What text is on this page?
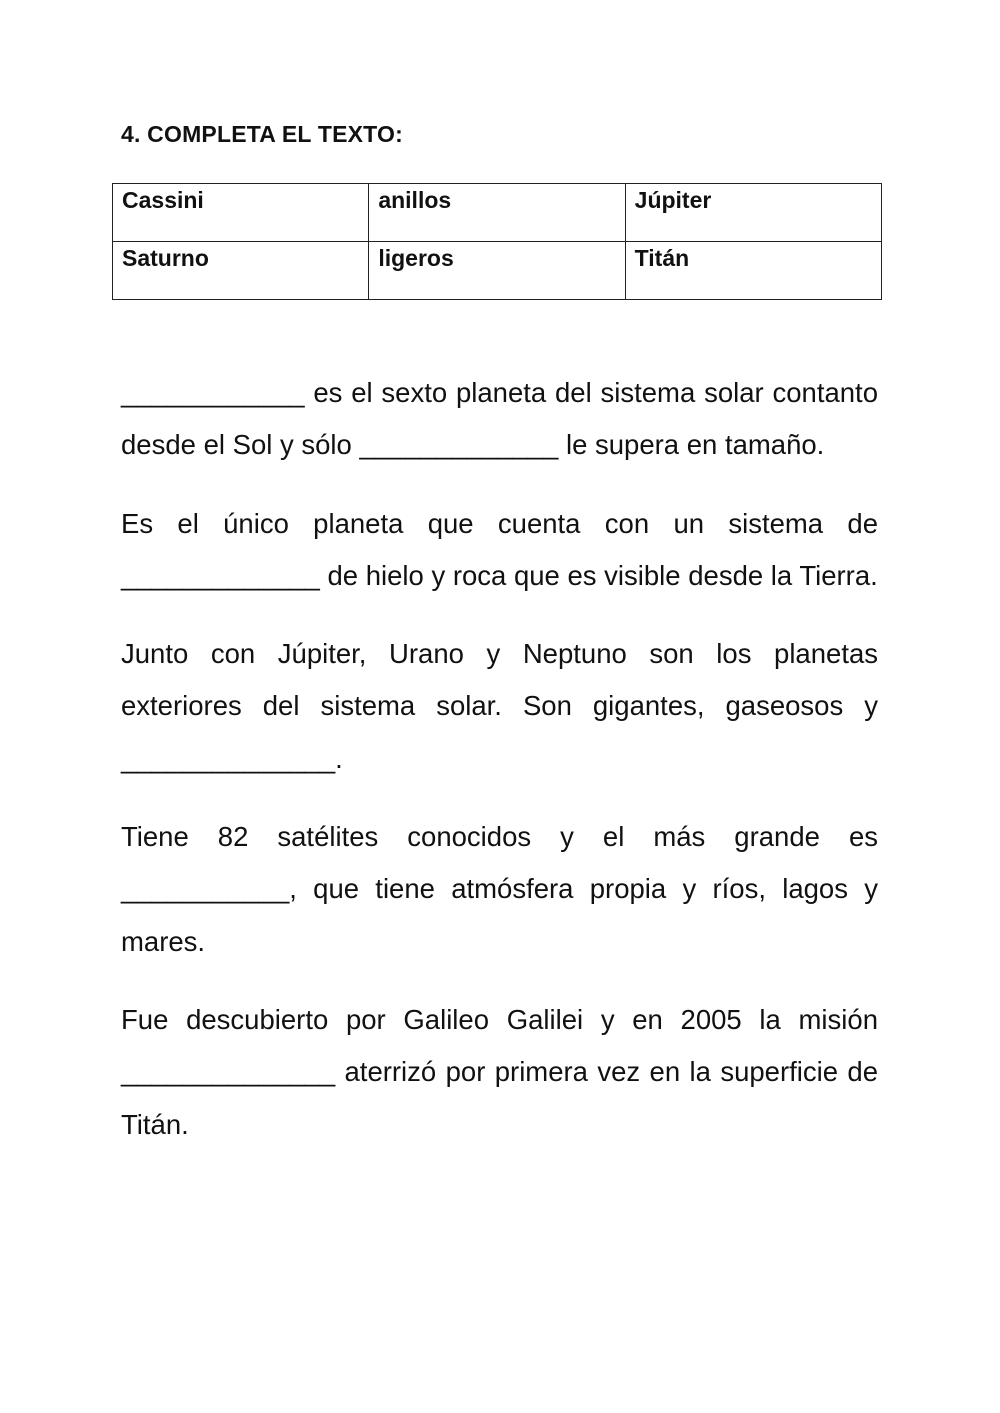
4. COMPLETA EL TEXTO:
Cassini	anillos	Júpiter

Saturno	ligeros	Titán

____________ es el sexto planeta del sistema solar contanto desde el Sol y sólo _____________ le supera en tamaño.

Es el único planeta que cuenta con un sistema de _____________ de hielo y roca que es visible desde la Tierra.

Junto con Júpiter, Urano y Neptuno son los planetas exteriores del sistema solar. Son gigantes, gaseosos y ______________.

Tiene 82 satélites conocidos y el más grande es ___________, que tiene atmósfera propia y ríos, lagos y mares.

Fue descubierto por Galileo Galilei y en 2005 la misión ______________ aterrizó por primera vez en la superficie de Titán.
